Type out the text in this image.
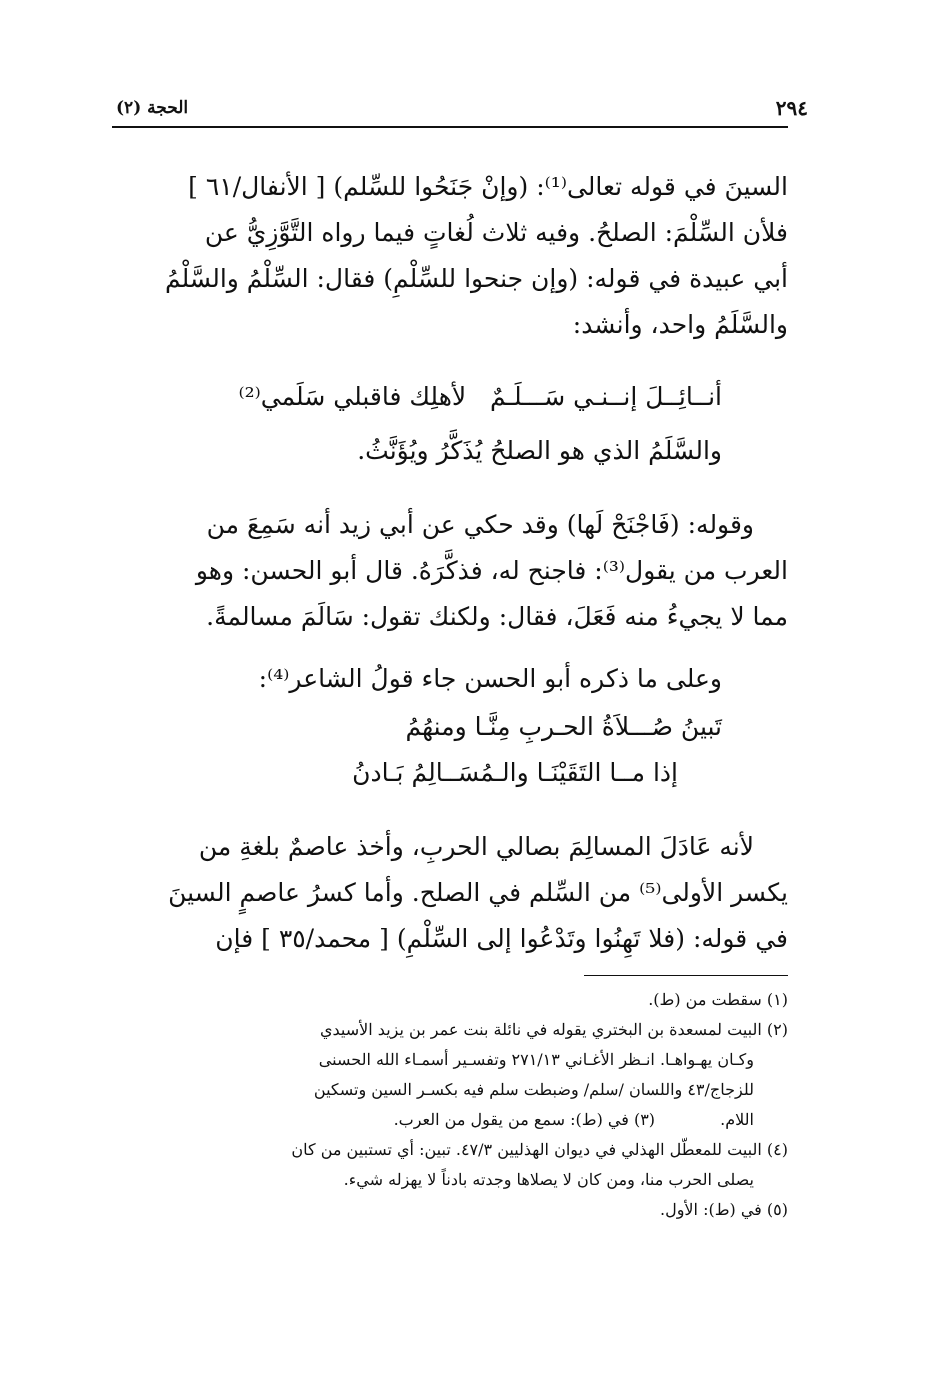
٢٩٤
الحجة (٢)

السينَ في قوله تعالى⁽¹⁾: (وإنْ جَنَحُوا للسِّلم) [ الأنفال/٦١ ]

فلأن السِّلْمَ: الصلحُ. وفيه ثلاث لُغاتٍ فيما رواه التَّوَّزِيُّ عن

أبي عبيدة في قوله: (وإن جنحوا للسِّلْمِ) فقال: السِّلْمُ والسَّلْمُ

والسَّلَمُ واحد، وأنشد:

أنــائِــلَ إنــنـي سَـــلَـمٌ   لأهلِك فاقبلي سَلَمي⁽²⁾

والسَّلَمُ الذي هو الصلحُ يُذَكَّرُ ويُؤَنَّثُ.

وقوله: (فَاجْنَحْ لَها) وقد حكي عن أبي زيد أنه سَمِعَ من

العرب من يقول⁽³⁾: فاجنح له، فذكَّرَهُ. قال أبو الحسن: وهو

مما لا يجيءُ منه فَعَلَ، فقال: ولكنك تقول: سَالَمَ مسالمةً.

وعلى ما ذكره أبو الحسن جاء قولُ الشاعر⁽⁴⁾:

تَبينُ صُـــلاَةُ الحـربِ مِنَّـا ومنهُمُ

إذا مــا التَقَيْنَـا والـمُسَــالِمُ بَـادنُ

لأنه عَادَلَ المسالِمَ بصالي الحربِ، وأخذ عاصمٌ بلغةِ من

يكسر الأولى⁽⁵⁾ من السِّلم في الصلح. وأما كسرُ عاصمٍ السينَ

في قوله: (فلا تَهِنُوا وتَدْعُوا إلى السِّلْمِ) [ محمد/٣٥ ] فإن

(١) سقطت من (ط).

(٢) البيت لمسعدة بن البختري يقوله في نائلة بنت عمر بن يزيد الأسيدي

وكـان يهـواهـا. انـظر الأغـاني ٢٧١/١٣ وتفسـير أسمـاء الله الحسنى

للزجاج/٤٣ واللسان /سلم/ وضبطت سلم فيه بكسـر السين وتسكين

اللام. (٣) في (ط): سمع من يقول من العرب.

(٤) البيت للمعطّل الهذلي في ديوان الهذليين ٤٧/٣. تبين: أي تستبين من كان

يصلى الحرب منا، ومن كان لا يصلاها وجدته بادناً لا يهزله شيء.

(٥) في (ط): الأول.
